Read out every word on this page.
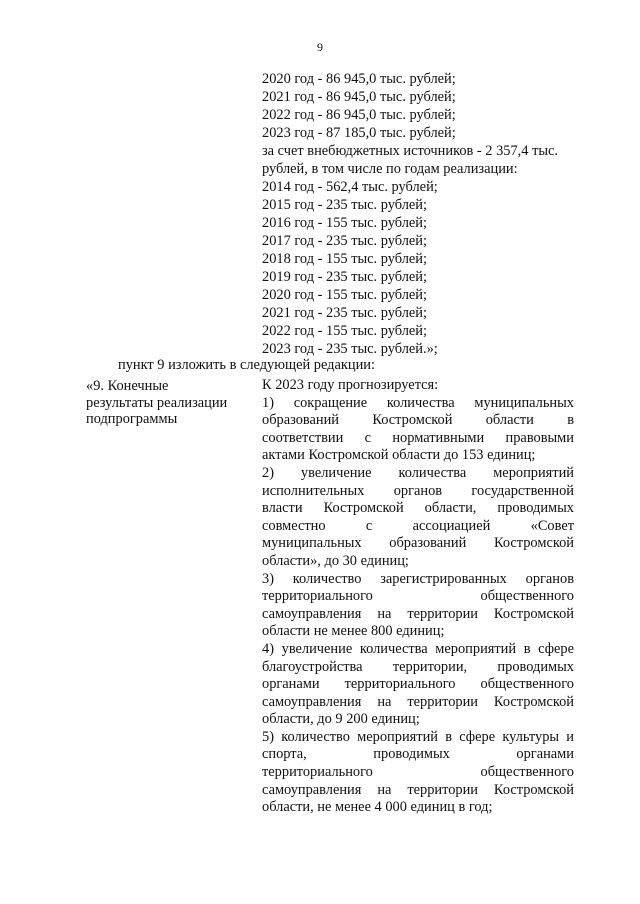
9
2020 год - 86 945,0 тыс. рублей;
2021 год - 86 945,0 тыс. рублей;
2022 год - 86 945,0 тыс. рублей;
2023 год - 87 185,0 тыс. рублей;
за счет внебюджетных источников - 2 357,4 тыс.
рублей, в том числе по годам реализации:
2014 год - 562,4 тыс. рублей;
2015 год - 235 тыс. рублей;
2016 год - 155 тыс. рублей;
2017 год - 235 тыс. рублей;
2018 год - 155 тыс. рублей;
2019 год - 235 тыс. рублей;
2020 год - 155 тыс. рублей;
2021 год - 235 тыс. рублей;
2022 год - 155 тыс. рублей;
2023 год - 235 тыс. рублей.»;
пункт 9 изложить в следующей редакции:
«9. Конечные
результаты реализации
подпрограммы
К 2023 году прогнозируется:
1) сокращение количества муниципальных
образований Костромской области в
соответствии с нормативными правовыми
актами Костромской области до 153 единиц;
2) увеличение количества мероприятий
исполнительных органов государственной
власти Костромской области, проводимых
совместно с ассоциацией «Совет
муниципальных образований Костромской
области», до 30 единиц;
3) количество зарегистрированных органов
территориального общественного
самоуправления на территории Костромской
области не менее 800 единиц;
4) увеличение количества мероприятий в сфере
благоустройства территории, проводимых
органами территориального общественного
самоуправления на территории Костромской
области, до 9 200 единиц;
5) количество мероприятий в сфере культуры и
спорта, проводимых органами
территориального общественного
самоуправления на территории Костромской
области, не менее 4 000 единиц в год;
